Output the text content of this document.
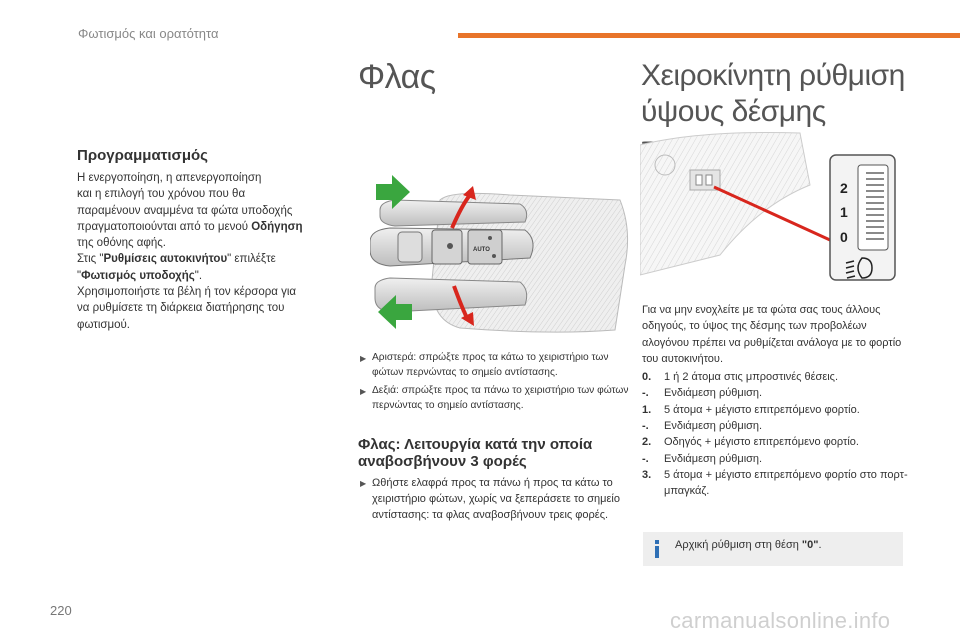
Φωτισμός και ορατότητα
Φλας	Χειροκίνητη ρύθμιση
ύψους δέσμης
Προγραμματισμός
Η ενεργοποίηση, η απενεργοποίηση
και η επιλογή του χρόνου που θα
παραμένουν αναμμένα τα φώτα υποδοχής
πραγματοποιούνται από το μενού Οδήγηση
της οθόνης αφής.
Στις "Ρυθμίσεις αυτοκινήτου" επιλέξτε
"Φωτισμός υποδοχής".
Χρησιμοποιήστε τα βέλη ή τον κέρσορα για
να ρυθμίσετε τη διάρκεια διατήρησης του
φωτισμού.
AUTO
▶ Αριστερά: σπρώξτε προς τα κάτω το χειριστήριο των φώτων περνώντας το σημείο αντίστασης.
▶ Δεξιά: σπρώξτε προς τα πάνω το χειριστήριο των φώτων περνώντας το σημείο αντίστασης.
Φλας: Λειτουργία κατά την οποία
αναβοσβήνουν 3 φορές
▶ Ωθήστε ελαφρά προς τα πάνω ή προς τα κάτω το χειριστήριο φώτων, χωρίς να ξεπεράσετε το σημείο αντίστασης: τα φλας αναβοσβήνουν τρεις φορές.
2
1
0
Για να μην ενοχλείτε με τα φώτα σας τους άλλους οδηγούς, το ύψος της δέσμης των προβολέων αλογόνου πρέπει να ρυθμίζεται ανάλογα με το φορτίο του αυτοκινήτου.
0.	1 ή 2 άτομα στις μπροστινές θέσεις.
-.	Ενδιάμεση ρύθμιση.
1.	5 άτομα + μέγιστο επιτρεπόμενο φορτίο.
-.	Ενδιάμεση ρύθμιση.
2.	Οδηγός + μέγιστο επιτρεπόμενο φορτίο.
-.	Ενδιάμεση ρύθμιση.
3.	5 άτομα + μέγιστο επιτρεπόμενο φορτίο στο πορτ-μπαγκάζ.
Αρχική ρύθμιση στη θέση "0".
220	carmanualsonline.info
